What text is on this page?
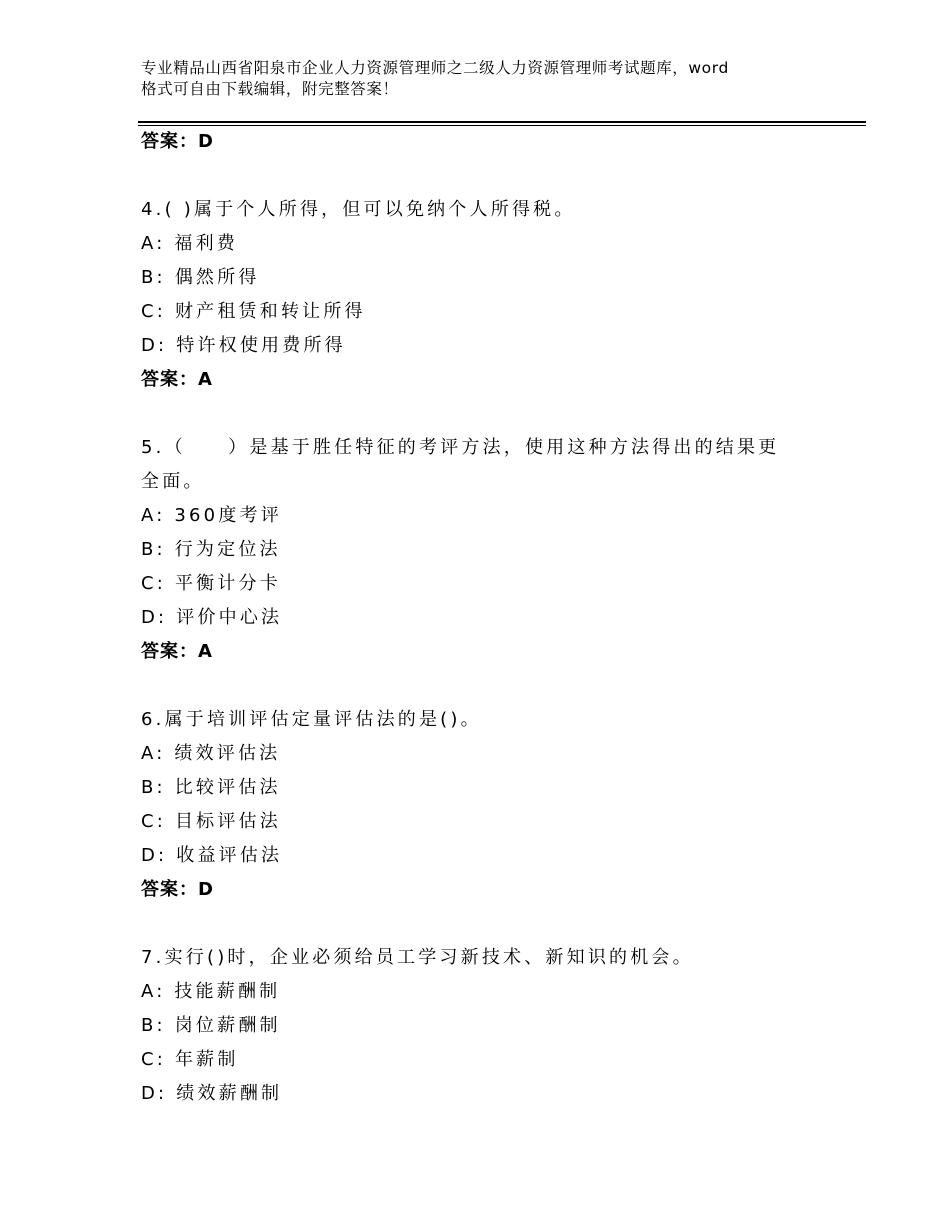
专业精品山西省阳泉市企业人力资源管理师之二级人力资源管理师考试题库，word
格式可自由下载编辑，附完整答案！
答案：D
4.( )属于个人所得，但可以免纳个人所得税。
A: 福利费
B: 偶然所得
C: 财产租赁和转让所得
D: 特许权使用费所得
答案：A
5.（　　）是基于胜任特征的考评方法，使用这种方法得出的结果更
全面。
A: 360度考评
B: 行为定位法
C: 平衡计分卡
D: 评价中心法
答案：A
6.属于培训评估定量评估法的是()。
A: 绩效评估法
B: 比较评估法
C: 目标评估法
D: 收益评估法
答案：D
7.实行()时，企业必须给员工学习新技术、新知识的机会。
A: 技能薪酬制
B: 岗位薪酬制
C: 年薪制
D: 绩效薪酬制
